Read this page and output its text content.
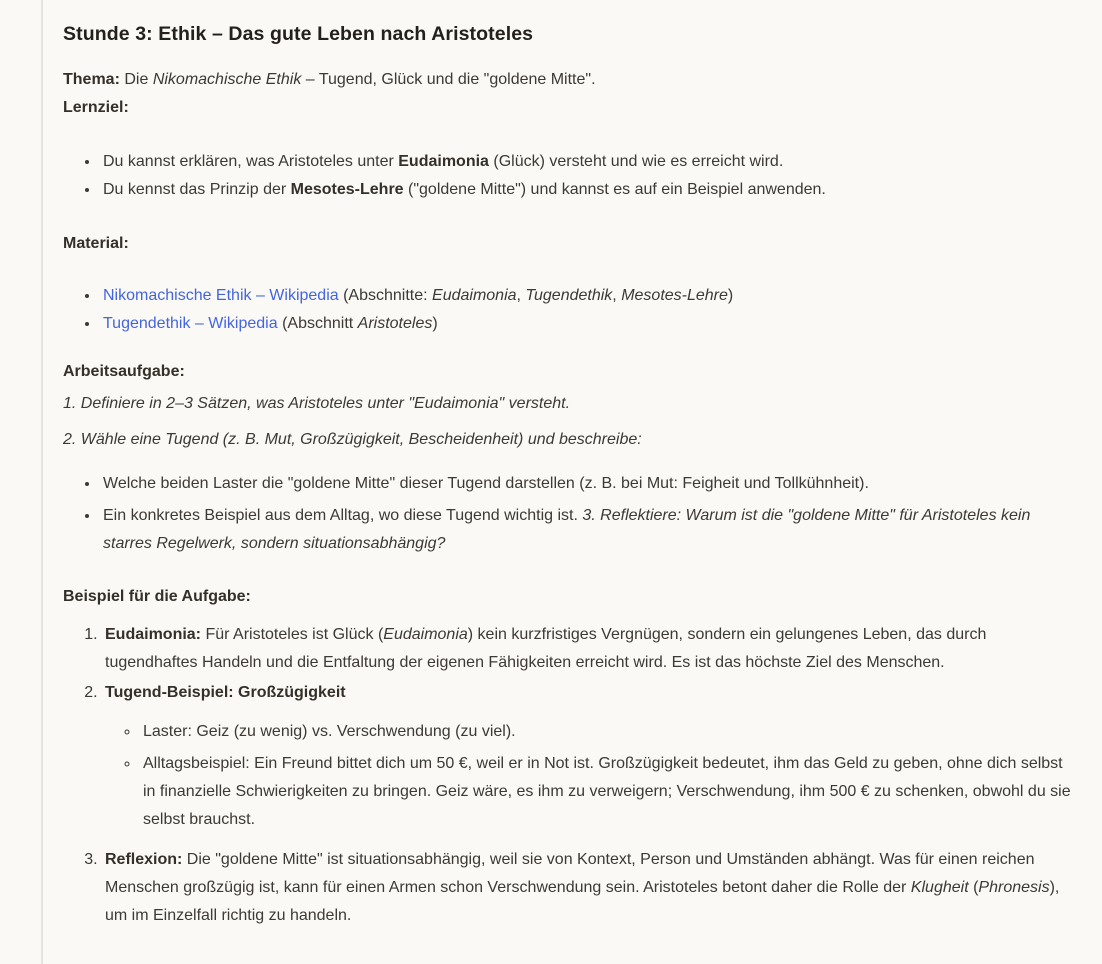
Stunde 3: Ethik – Das gute Leben nach Aristoteles

Thema: Die Nikomachische Ethik – Tugend, Glück und die "goldene Mitte".

Lernziel:

• Du kannst erklären, was Aristoteles unter Eudaimonia (Glück) versteht und wie es erreicht wird.
• Du kennst das Prinzip der Mesotes-Lehre ("goldene Mitte") und kannst es auf ein Beispiel anwenden.

Material:

• Nikomachische Ethik – Wikipedia (Abschnitte: Eudaimonia, Tugendethik, Mesotes-Lehre)
• Tugendethik – Wikipedia (Abschnitt Aristoteles)

Arbeitsaufgabe:

1. Definiere in 2–3 Sätzen, was Aristoteles unter "Eudaimonia" versteht.

2. Wähle eine Tugend (z. B. Mut, Großzügigkeit, Bescheidenheit) und beschreibe:

• Welche beiden Laster die "goldene Mitte" dieser Tugend darstellen (z. B. bei Mut: Feigheit und Tollkühnheit).
• Ein konkretes Beispiel aus dem Alltag, wo diese Tugend wichtig ist. 3. Reflektiere: Warum ist die "goldene Mitte" für Aristoteles kein starres Regelwerk, sondern situationsabhängig?

Beispiel für die Aufgabe:

1. Eudaimonia: Für Aristoteles ist Glück (Eudaimonia) kein kurzfristiges Vergnügen, sondern ein gelungenes Leben, das durch tugendhaftes Handeln und die Entfaltung der eigenen Fähigkeiten erreicht wird. Es ist das höchste Ziel des Menschen.
2. Tugend-Beispiel: Großzügigkeit
◦ Laster: Geiz (zu wenig) vs. Verschwendung (zu viel).
◦ Alltagsbeispiel: Ein Freund bittet dich um 50 €, weil er in Not ist. Großzügigkeit bedeutet, ihm das Geld zu geben, ohne dich selbst in finanzielle Schwierigkeiten zu bringen. Geiz wäre, es ihm zu verweigern; Verschwendung, ihm 500 € zu schenken, obwohl du sie selbst brauchst.
3. Reflexion: Die "goldene Mitte" ist situationsabhängig, weil sie von Kontext, Person und Umständen abhängt. Was für einen reichen Menschen großzügig ist, kann für einen Armen schon Verschwendung sein. Aristoteles betont daher die Rolle der Klugheit (Phronesis), um im Einzelfall richtig zu handeln.
